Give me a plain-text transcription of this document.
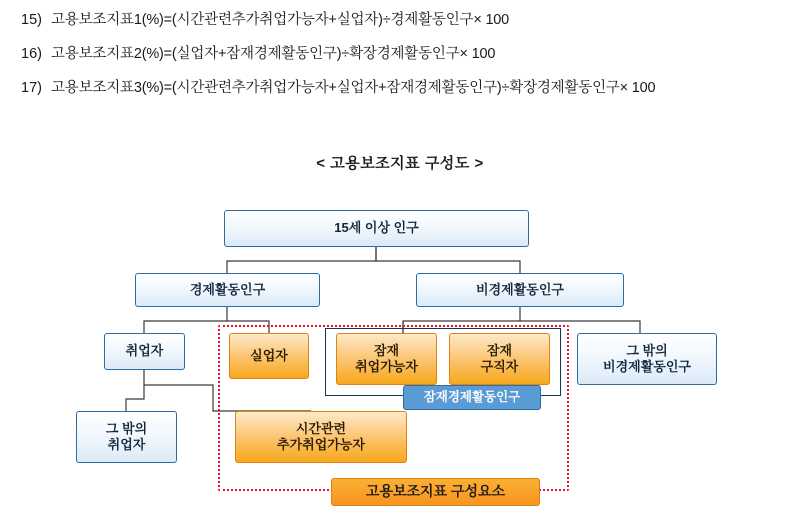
15) 고용보조지표1(%)=(시간관련추가취업가능자+실업자)÷경제활동인구× 100
16) 고용보조지표2(%)=(실업자+잠재경제활동인구)÷확장경제활동인구× 100
17) 고용보조지표3(%)=(시간관련추가취업가능자+실업자+잠재경제활동인구)÷확장경제활동인구× 100
< 고용보조지표 구성도 >
15세 이상 인구
경제활동인구	비경제활동인구
취업자	실업자	잠재
취업가능자
잠재
구직자
그 밖의
비경제활동인구
잠재경제활동인구
그 밖의
취업자
시간관련
추가취업가능자
고용보조지표 구성요소
